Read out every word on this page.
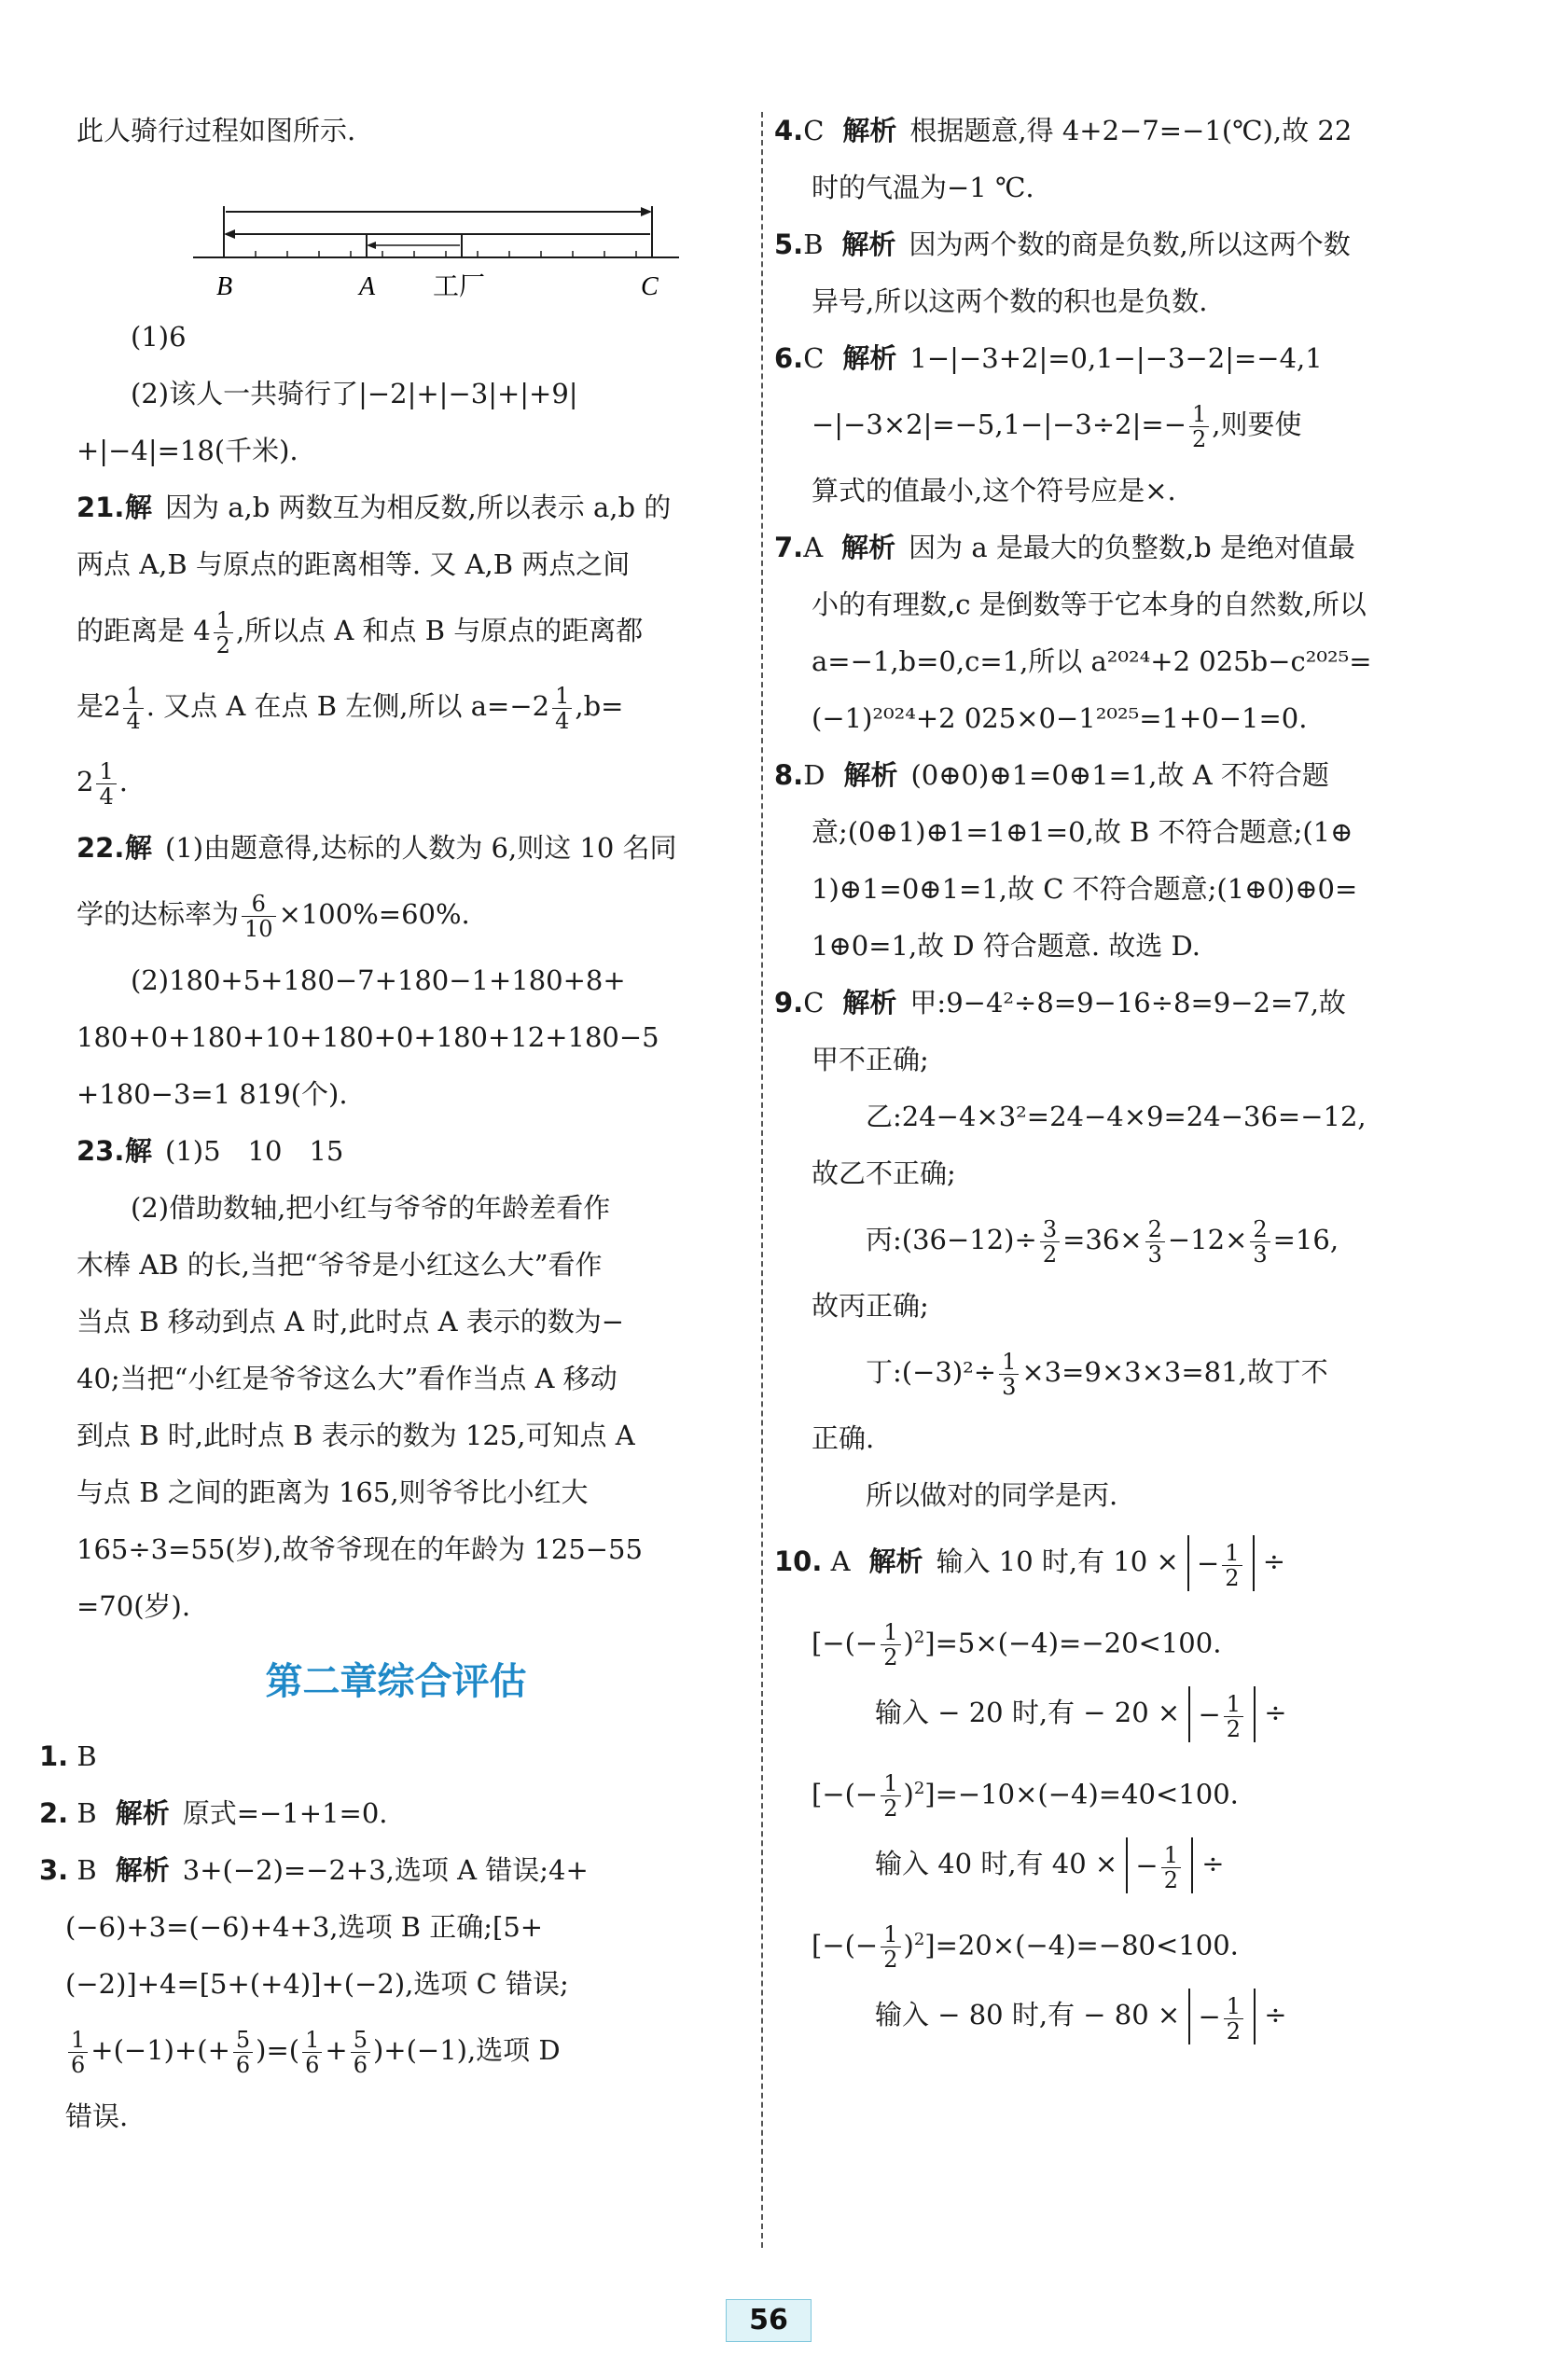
此人骑行过程如图所示.
B	A 工厂	C
(1)6
(2)该人一共骑行了|−2|+|−3|+|+9|
+|−4|=18(千米).
21.解 因为 a,b 两数互为相反数,所以表示 a,b 的
两点 A,B 与原点的距离相等. 又 A,B 两点之间
的距离是 $4 \frac{1}{2}$ ,所以点 A 和点 B 与原点的距离都
是$2 \frac{1}{4}$ . 又点 A 在点 B 左侧,所以 $a=-2 \frac{1}{4} ,b=$
$2 \frac{1}{4}$ .
22.解 (1)由题意得,达标的人数为 6,则这 10 名同
学的达标率为 $\frac{6}{10} \times 100\%=60\%$.
(2)180+5+180−7+180−1+180+8+
180+0+180+10+180+0+180+12+180−5
+180−3=1 819(个).
23.解 (1)5　10　15
(2)借助数轴,把小红与爷爷的年龄差看作
木棒 AB 的长,当把“爷爷是小红这么大”看作
当点 B 移动到点 A 时,此时点 A 表示的数为−
40;当把“小红是爷爷这么大”看作当点 A 移动
到点 B 时,此时点 B 表示的数为 125,可知点 A
与点 B 之间的距离为 165,则爷爷比小红大
165÷3=55(岁),故爷爷现在的年龄为 125−55
=70(岁).
第二章综合评估
1. B
2. B 解析 原式=−1+1=0.
3. B 解析 3+(−2)=−2+3,选项 A 错误;4+
(−6)+3=(−6)+4+3,选项 B 正确;[5+
(−2)]+4=[5+(+4)]+(−2),选项 C 错误;
$\frac{1}{6} +(-1)+(+ \frac{5}{6}$ )=( $\frac{1}{6} + \frac{5}{6} )+(-1)$,选项 D
错误.
4.C 解析 根据题意,得 4+2−7=−1(℃),故 22
时的气温为−1 ℃.
5.B 解析 因为两个数的商是负数,所以这两个数
异号,所以这两个数的积也是负数.
6.C 解析 1−|−3+2|=0,1−|−3−2|=−4,1
$-|-3\times 2|=-5,1-|-3\div 2|=- \frac{1}{2}$ ,则要使
算式的值最小,这个符号应是×.
7.A 解析 因为 a 是最大的负整数,b 是绝对值最
小的有理数,c 是倒数等于它本身的自然数,所以
a=−1,b=0,c=1,所以 a²⁰²⁴+2 025b−c²⁰²⁵=
(−1)²⁰²⁴+2 025×0−1²⁰²⁵=1+0−1=0.
8.D 解析 (0⊕0)⊕1=0⊕1=1,故 A 不符合题
意;(0⊕1)⊕1=1⊕1=0,故 B 不符合题意;(1⊕
1)⊕1=0⊕1=1,故 C 不符合题意;(1⊕0)⊕0=
1⊕0=1,故 D 符合题意. 故选 D.
9.C 解析 甲:9−4²÷8=9−16÷8=9−2=7,故
甲不正确;
乙:24−4×3²=24−4×9=24−36=−12,
故乙不正确;
丙:(36−12)÷ $\frac{3}{2} =36\times \frac{2}{3} -12\times \frac{2}{3} =16$,
故丙正确;
丁:(−3)²÷ $\frac{1}{3} \times 3=9\times 3\times 3=81$,故丁不
正确.
所以做对的同学是丙.
10. A 解析 输入 10 时,有 10 × − $\frac{1}{2}$ ÷
[−(− $\frac{1}{2} )^2]=5\times(-4)=-20<100$.
输入 − 20 时,有 − 20 × − $\frac{1}{2}$ ÷
[−(− $\frac{1}{2} )^2]=-10\times(-4)=40<100$.
输入 40 时,有 40 × − $\frac{1}{2}$ ÷
[−(− $\frac{1}{2} )^2]=20\times(-4)=-80<100$.
输入 − 80 时,有 − 80 × − $\frac{1}{2}$ ÷
56
